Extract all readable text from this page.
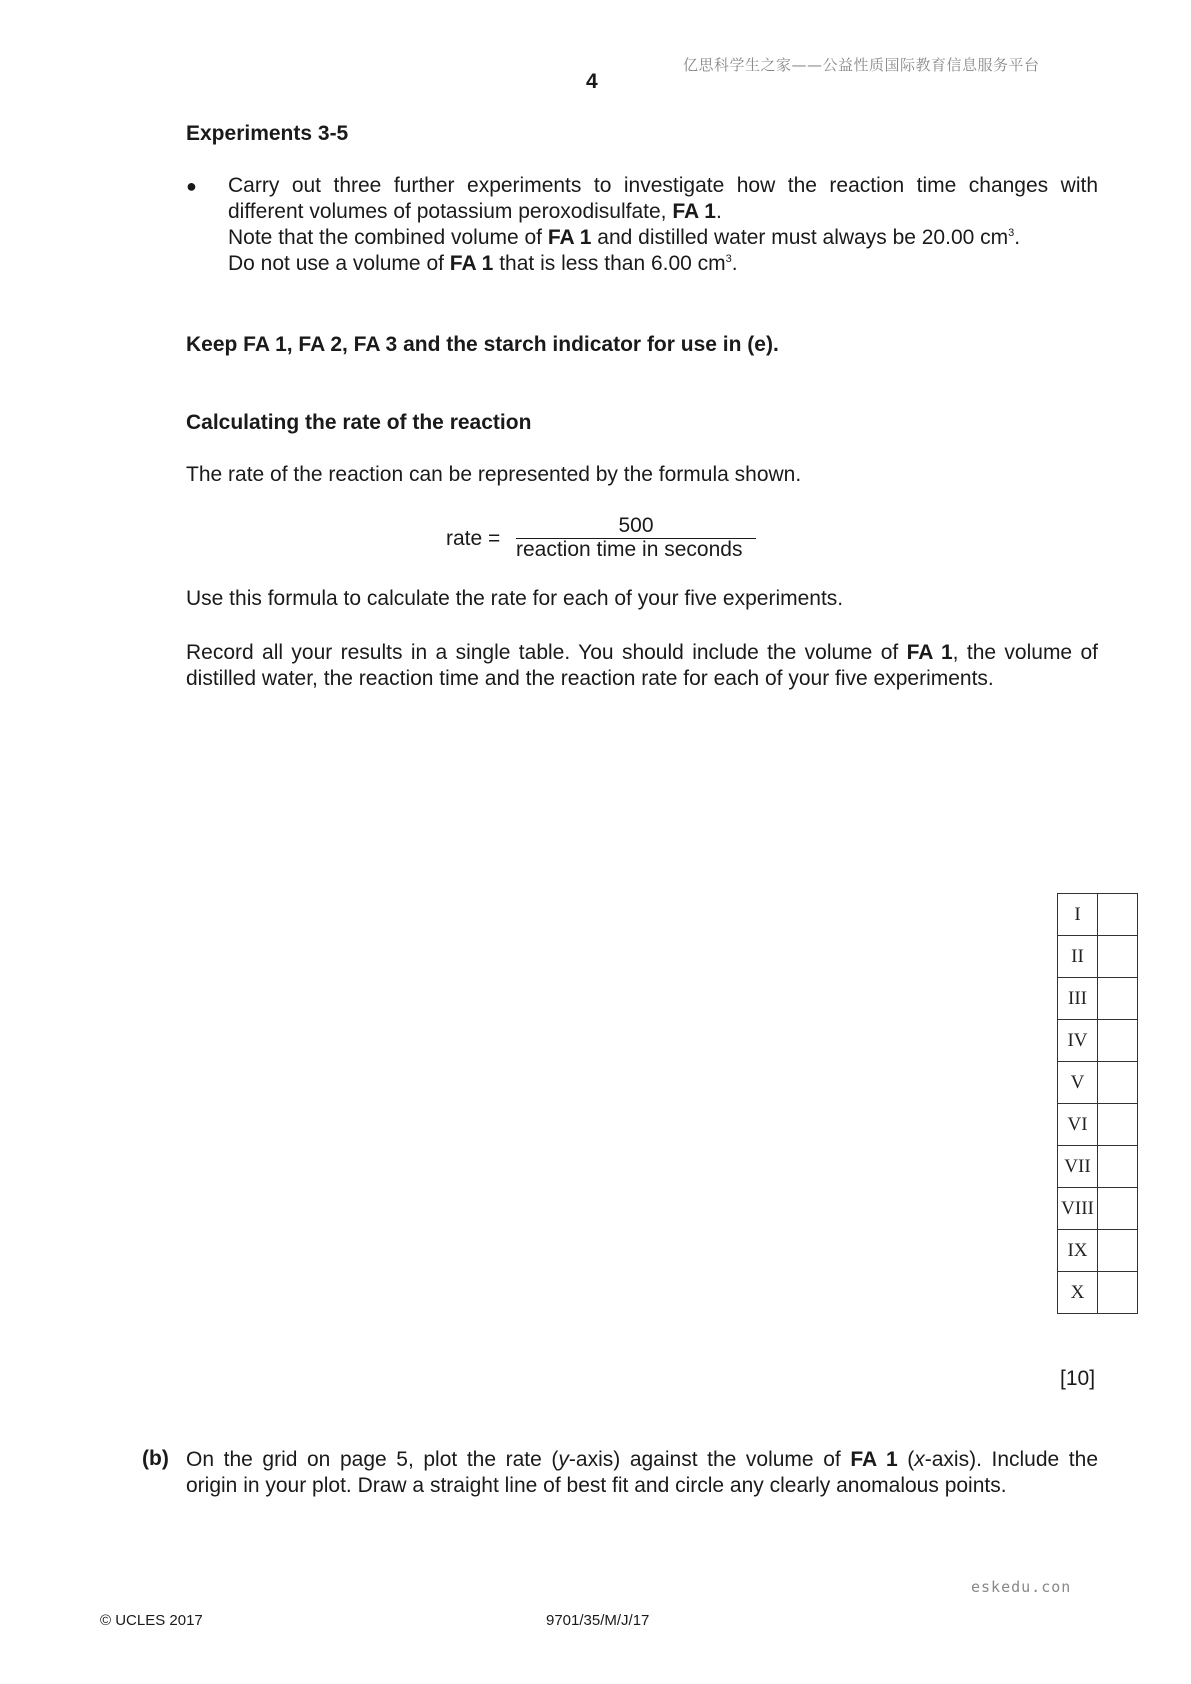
亿思科学生之家——公益性质国际教育信息服务平台
4
Experiments 3-5
● Carry out three further experiments to investigate how the reaction time changes with
different volumes of potassium peroxodisulfate, FA 1.
Note that the combined volume of FA 1 and distilled water must always be 20.00 $cm^3$.
Do not use a volume of FA 1 that is less than 6.00 $cm^3$.
Keep FA 1, FA 2, FA 3 and the starch indicator for use in (e).
Calculating the rate of the reaction
The rate of the reaction can be represented by the formula shown.
rate =
500
reaction time in seconds
Use this formula to calculate the rate for each of your five experiments.
Record all your results in a single table. You should include the volume of FA 1, the volume of
distilled water, the reaction time and the reaction rate for each of your five experiments.
I	
II	
III	
IV	
V	
VI	
VII	
VIII	
IX	
X	
[10]
(b) On the grid on page 5, plot the rate (y-axis) against the volume of FA 1 (x-axis). Include the
origin in your plot. Draw a straight line of best fit and circle any clearly anomalous points.
eskedu.con
© UCLES 2017	9701/35/M/J/17
